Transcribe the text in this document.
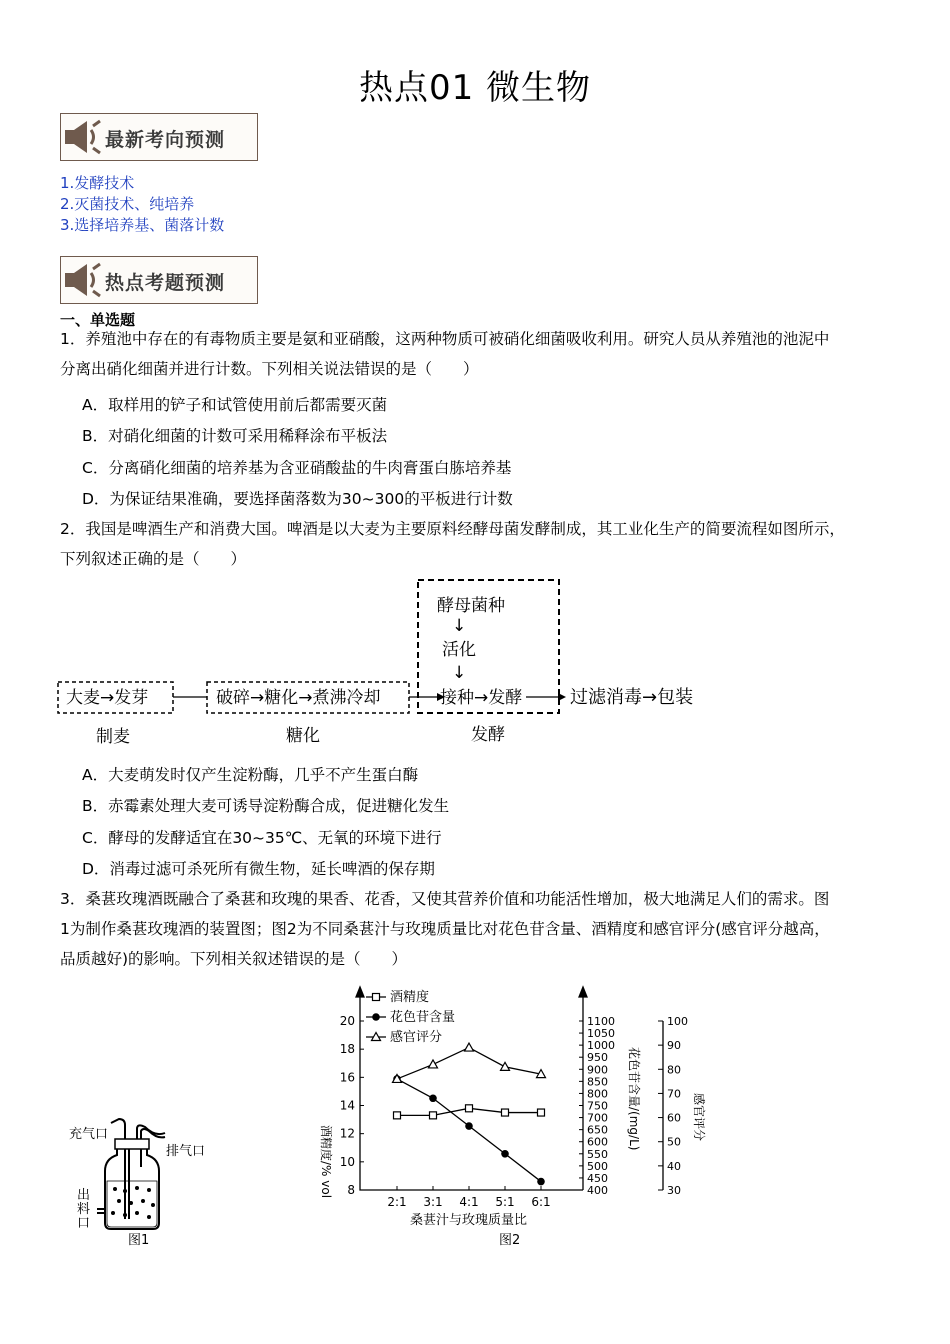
热点01 微生物
最新考向预测
1.发酵技术
2.灭菌技术、纯培养
3.选择培养基、菌落计数
热点考题预测
一、单选题
1．养殖池中存在的有毒物质主要是氨和亚硝酸，这两种物质可被硝化细菌吸收利用。研究人员从养殖池的池泥中
分离出硝化细菌并进行计数。下列相关说法错误的是（　　）
A．取样用的铲子和试管使用前后都需要灭菌
B．对硝化细菌的计数可采用稀释涂布平板法
C．分离硝化细菌的培养基为含亚硝酸盐的牛肉膏蛋白胨培养基
D．为保证结果准确，要选择菌落数为30~300的平板进行计数
2．我国是啤酒生产和消费大国。啤酒是以大麦为主要原料经酵母菌发酵制成，其工业化生产的简要流程如图所示，
下列叙述正确的是（　　）
大麦→发芽	破碎→糖化→煮沸冷却
酵母菌种
↓
活化
↓
接种→发酵	过滤消毒→包装
制麦	糖化	发酵
A．大麦萌发时仅产生淀粉酶，几乎不产生蛋白酶
B．赤霉素处理大麦可诱导淀粉酶合成，促进糖化发生
C．酵母的发酵适宜在30~35℃、无氧的环境下进行
D．消毒过滤可杀死所有微生物，延长啤酒的保存期
3．桑葚玫瑰酒既融合了桑葚和玫瑰的果香、花香，又使其营养价值和功能活性增加，极大地满足人们的需求。图
1为制作桑葚玫瑰酒的装置图；图2为不同桑葚汁与玫瑰质量比对花色苷含量、酒精度和感官评分(感官评分越高，
品质越好)的影响。下列相关叙述错误的是（　　）
充气口
排气口
出
料
口
图1
8
10
12
14
16
18
20
400
450
500
550
600
650
700
750
800
850
900
950
1000
1050
1100
30
40
50
60
70
80
90
100
2:1 3:1 4:1 5:1 6:1
酒精度
花色苷含量
感官评分
酒精度/% vol
花色苷含量/(mg/L)	感官评分
桑葚汁与玫瑰质量比
图2
